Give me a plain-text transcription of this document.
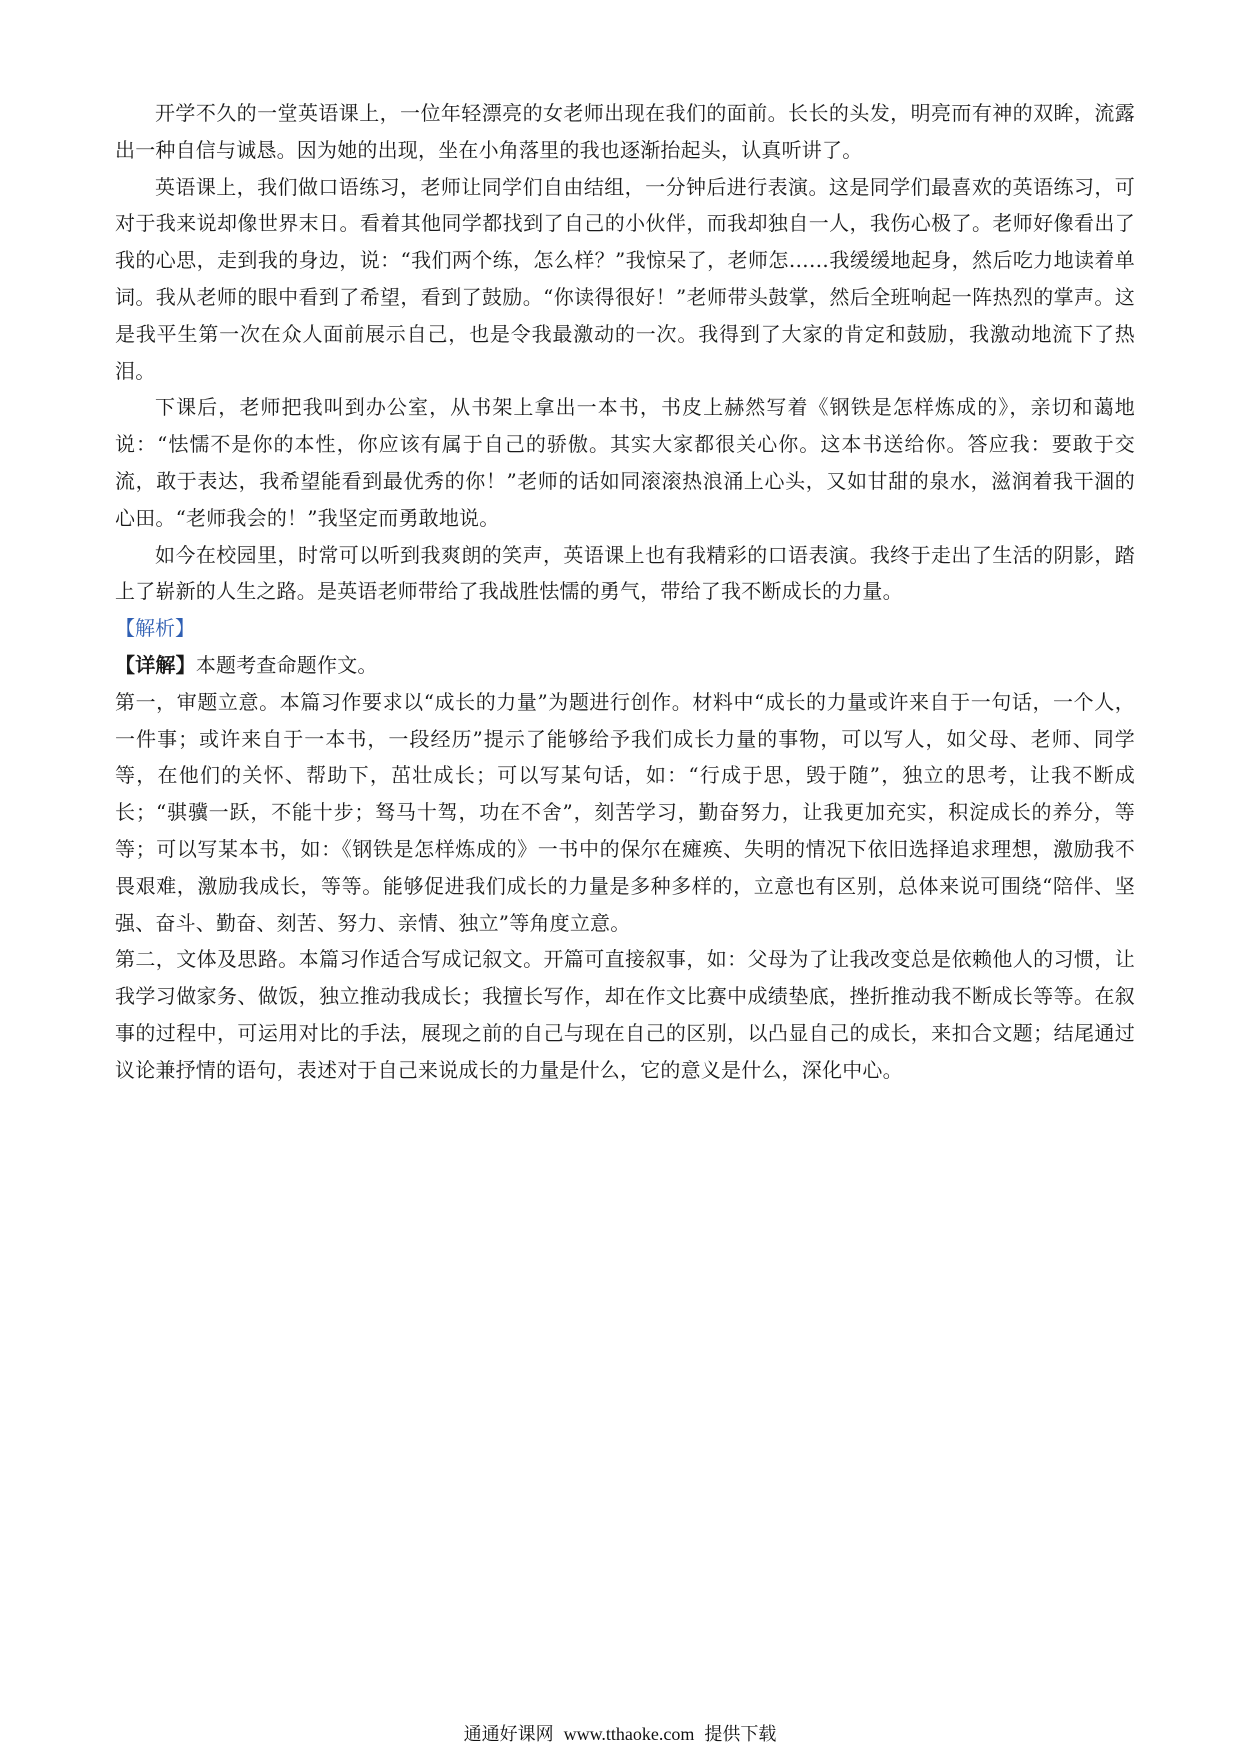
开学不久的一堂英语课上，一位年轻漂亮的女老师出现在我们的面前。长长的头发，明亮而有神的双眸，流露出一种自信与诚恳。因为她的出现，坐在小角落里的我也逐渐抬起头，认真听讲了。

英语课上，我们做口语练习，老师让同学们自由结组，一分钟后进行表演。这是同学们最喜欢的英语练习，可对于我来说却像世界末日。看着其他同学都找到了自己的小伙伴，而我却独自一人，我伤心极了。老师好像看出了我的心思，走到我的身边，说：“我们两个练，怎么样？”我惊呆了，老师怎……我缓缓地起身，然后吃力地读着单词。我从老师的眼中看到了希望，看到了鼓励。“你读得很好！”老师带头鼓掌，然后全班响起一阵热烈的掌声。这是我平生第一次在众人面前展示自己，也是令我最激动的一次。我得到了大家的肯定和鼓励，我激动地流下了热泪。

下课后，老师把我叫到办公室，从书架上拿出一本书，书皮上赫然写着《钢铁是怎样炼成的》，亲切和蔼地说：“怯懦不是你的本性，你应该有属于自己的骄傲。其实大家都很关心你。这本书送给你。答应我：要敢于交流，敢于表达，我希望能看到最优秀的你！”老师的话如同滚滚热浪涌上心头，又如甘甜的泉水，滋润着我干涸的心田。“老师我会的！”我坚定而勇敢地说。

如今在校园里，时常可以听到我爽朗的笑声，英语课上也有我精彩的口语表演。我终于走出了生活的阴影，踏上了崭新的人生之路。是英语老师带给了我战胜怯懦的勇气，带给了我不断成长的力量。

【解析】

【详解】本题考查命题作文。

第一，审题立意。本篇习作要求以“成长的力量”为题进行创作。材料中“成长的力量或许来自于一句话，一个人，一件事；或许来自于一本书，一段经历”提示了能够给予我们成长力量的事物，可以写人，如父母、老师、同学等，在他们的关怀、帮助下，茁壮成长；可以写某句话，如：“行成于思，毁于随”，独立的思考，让我不断成长；“骐骥一跃，不能十步；驽马十驾，功在不舍”，刻苦学习，勤奋努力，让我更加充实，积淀成长的养分，等等；可以写某本书，如：《钢铁是怎样炼成的》一书中的保尔在瘫痪、失明的情况下依旧选择追求理想，激励我不畏艰难，激励我成长，等等。能够促进我们成长的力量是多种多样的，立意也有区别，总体来说可围绕“陪伴、坚强、奋斗、勤奋、刻苦、努力、亲情、独立”等角度立意。

第二，文体及思路。本篇习作适合写成记叙文。开篇可直接叙事，如：父母为了让我改变总是依赖他人的习惯，让我学习做家务、做饭，独立推动我成长；我擅长写作，却在作文比赛中成绩垫底，挫折推动我不断成长等等。在叙事的过程中，可运用对比的手法，展现之前的自己与现在自己的区别，以凸显自己的成长，来扣合文题；结尾通过议论兼抒情的语句，表述对于自己来说成长的力量是什么，它的意义是什么，深化中心。

通通好课网 www.tthaoke.com 提供下载
